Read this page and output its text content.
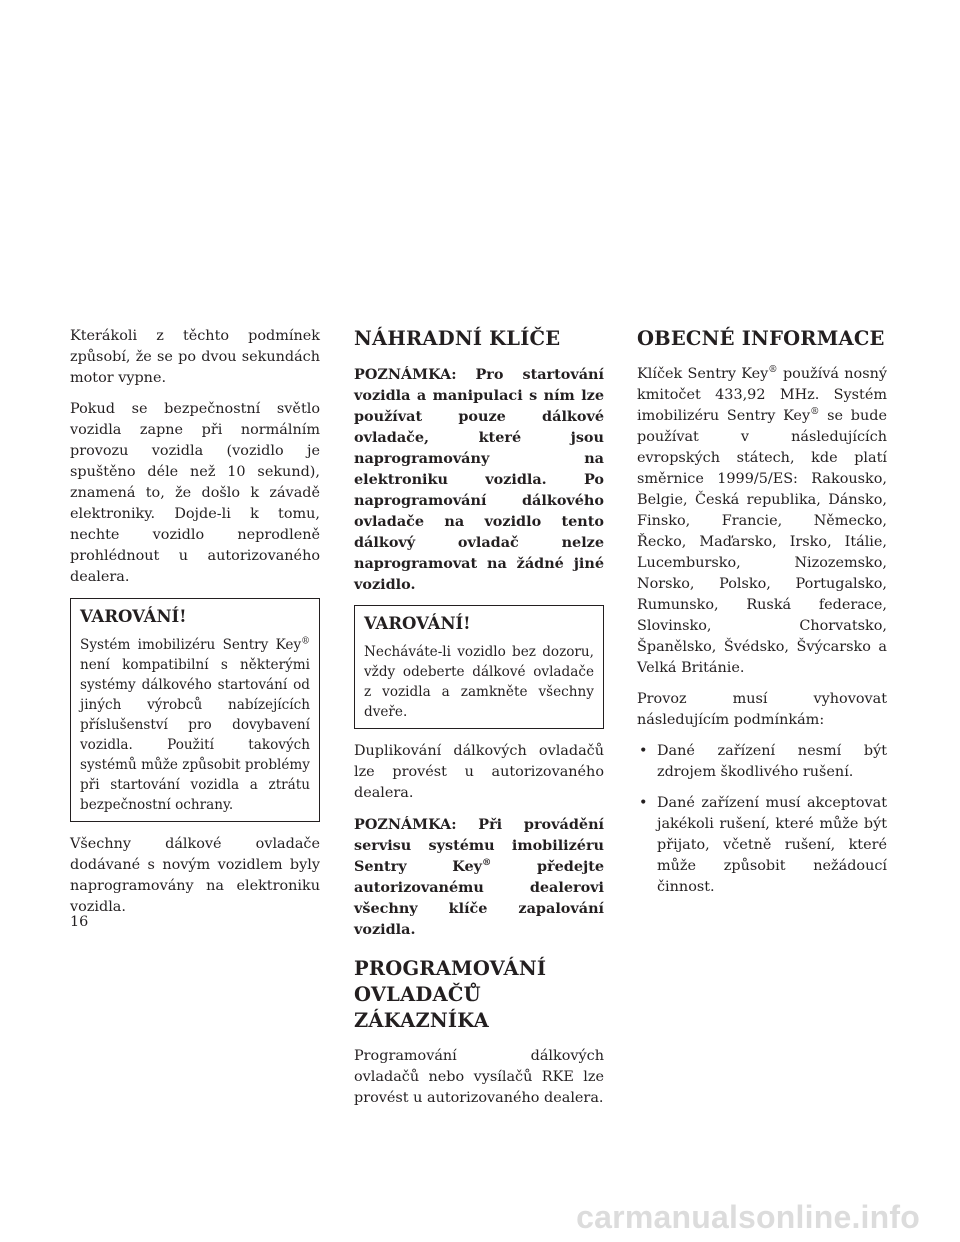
Kterákoli z těchto podmínek způsobí, že se po dvou sekundách motor vypne.

Pokud se bezpečnostní světlo vozidla zapne při normálním provozu vozidla (vozidlo je spuštěno déle než 10 sekund), znamená to, že došlo k závadě elektroniky. Dojde-li k tomu, nechte vozidlo neprodleně prohlédnout u autorizovaného dealera.

VAROVÁNÍ!

Systém imobilizéru Sentry Key® není kompatibilní s některými systémy dálkového startování od jiných výrobců nabízejících příslušenství pro dovybavení vozidla. Použití takových systémů může způsobit problémy při startování vozidla a ztrátu bezpečnostní ochrany.

Všechny dálkové ovladače dodávané s novým vozidlem byly naprogramovány na elektroniku vozidla.

NÁHRADNÍ KLÍČE

POZNÁMKA: Pro startování vozidla a manipulaci s ním lze používat pouze dálkové ovladače, které jsou naprogramovány na elektroniku vozidla. Po naprogramování dálkového ovladače na vozidlo tento dálkový ovladač nelze naprogramovat na žádné jiné vozidlo.

VAROVÁNÍ!

Necháváte-li vozidlo bez dozoru, vždy odeberte dálkové ovladače z vozidla a zamkněte všechny dveře.

Duplikování dálkových ovladačů lze provést u autorizovaného dealera.

POZNÁMKA: Při provádění servisu systému imobilizéru Sentry Key® předejte autorizovanému dealerovi všechny klíče zapalování vozidla.

PROGRAMOVÁNÍ OVLADAČŮ ZÁKAZNÍKA

Programování dálkových ovladačů nebo vysílačů RKE lze provést u autorizovaného dealera.

OBECNÉ INFORMACE

Klíček Sentry Key® používá nosný kmitočet 433,92 MHz. Systém imobilizéru Sentry Key® se bude používat v následujících evropských státech, kde platí směrnice 1999/5/ES: Rakousko, Belgie, Česká republika, Dánsko, Finsko, Francie, Německo, Řecko, Maďarsko, Irsko, Itálie, Lucembursko, Nizozemsko, Norsko, Polsko, Portugalsko, Rumunsko, Ruská federace, Slovinsko, Chorvatsko, Španělsko, Švédsko, Švýcarsko a Velká Británie.

Provoz musí vyhovovat následujícím podmínkám:

• Dané zařízení nesmí být zdrojem škodlivého rušení.
• Dané zařízení musí akceptovat jakékoli rušení, které může být přijato, včetně rušení, které může způsobit nežádoucí činnost.
16
carmanualsonline.info
